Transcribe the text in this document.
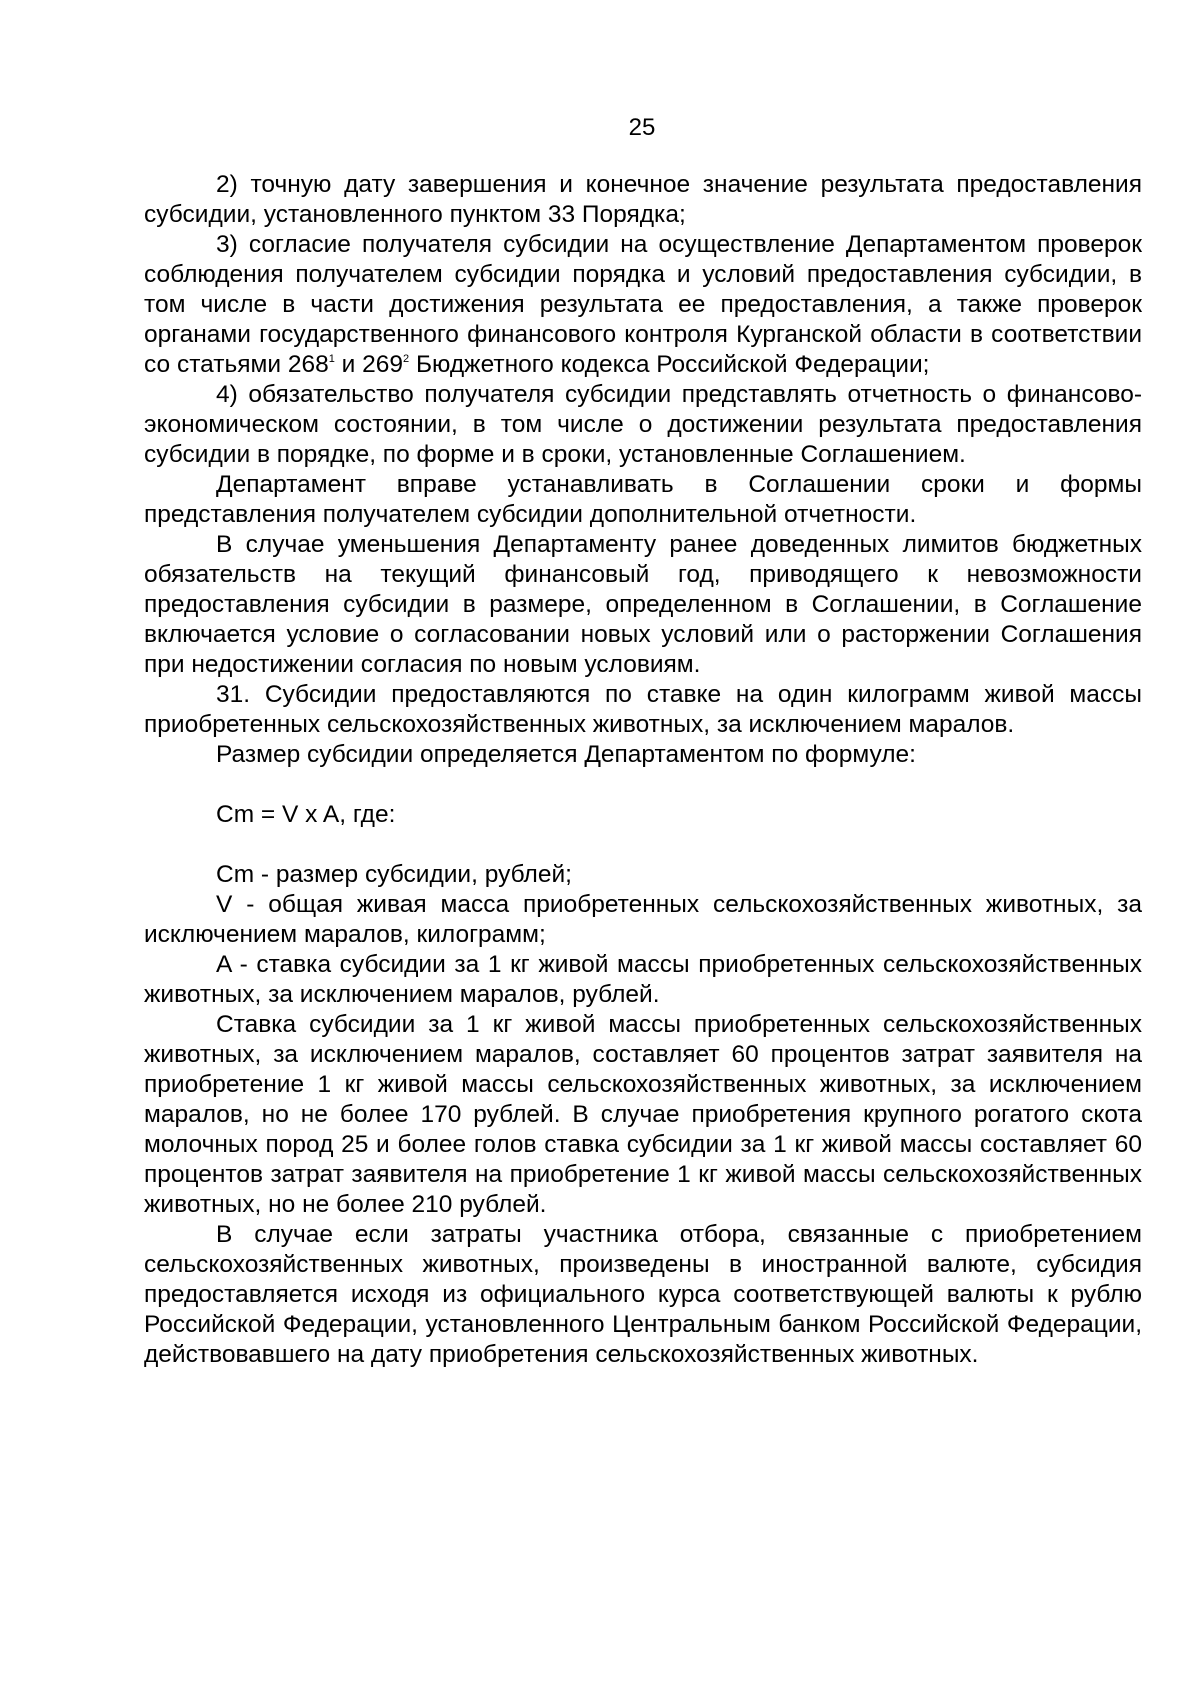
25

2) точную дату завершения и конечное значение результата предоставления субсидии, установленного пунктом 33 Порядка;

3) согласие получателя субсидии на осуществление Департаментом проверок соблюдения получателем субсидии порядка и условий предоставления субсидии, в том числе в части достижения результата ее предоставления, а также проверок органами государственного финансового контроля Курганской области в соответствии со статьями $268^1$ и $269^2$ Бюджетного кодекса Российской Федерации;

4) обязательство получателя субсидии представлять отчетность о финансово-экономическом состоянии, в том числе о достижении результата предоставления субсидии в порядке, по форме и в сроки, установленные Соглашением.

Департамент вправе устанавливать в Соглашении сроки и формы представления получателем субсидии дополнительной отчетности.

В случае уменьшения Департаменту ранее доведенных лимитов бюджетных обязательств на текущий финансовый год, приводящего к невозможности предоставления субсидии в размере, определенном в Соглашении, в Соглашение включается условие о согласовании новых условий или о расторжении Соглашения при недостижении согласия по новым условиям.

31. Субсидии предоставляются по ставке на один килограмм живой массы приобретенных сельскохозяйственных животных, за исключением маралов.

Размер субсидии определяется Департаментом по формуле:

Cm = V x A, где:

Cm - размер субсидии, рублей;

V - общая живая масса приобретенных сельскохозяйственных животных, за исключением маралов, килограмм;

A - ставка субсидии за 1 кг живой массы приобретенных сельскохозяйственных животных, за исключением маралов, рублей.

Ставка субсидии за 1 кг живой массы приобретенных сельскохозяйственных животных, за исключением маралов, составляет 60 процентов затрат заявителя на приобретение 1 кг живой массы сельскохозяйственных животных, за исключением маралов, но не более 170 рублей. В случае приобретения крупного рогатого скота молочных пород 25 и более голов ставка субсидии за 1 кг живой массы составляет 60 процентов затрат заявителя на приобретение 1 кг живой массы сельскохозяйственных животных, но не более 210 рублей.

В случае если затраты участника отбора, связанные с приобретением сельскохозяйственных животных, произведены в иностранной валюте, субсидия предоставляется исходя из официального курса соответствующей валюты к рублю Российской Федерации, установленного Центральным банком Российской Федерации, действовавшего на дату приобретения сельскохозяйственных животных.
